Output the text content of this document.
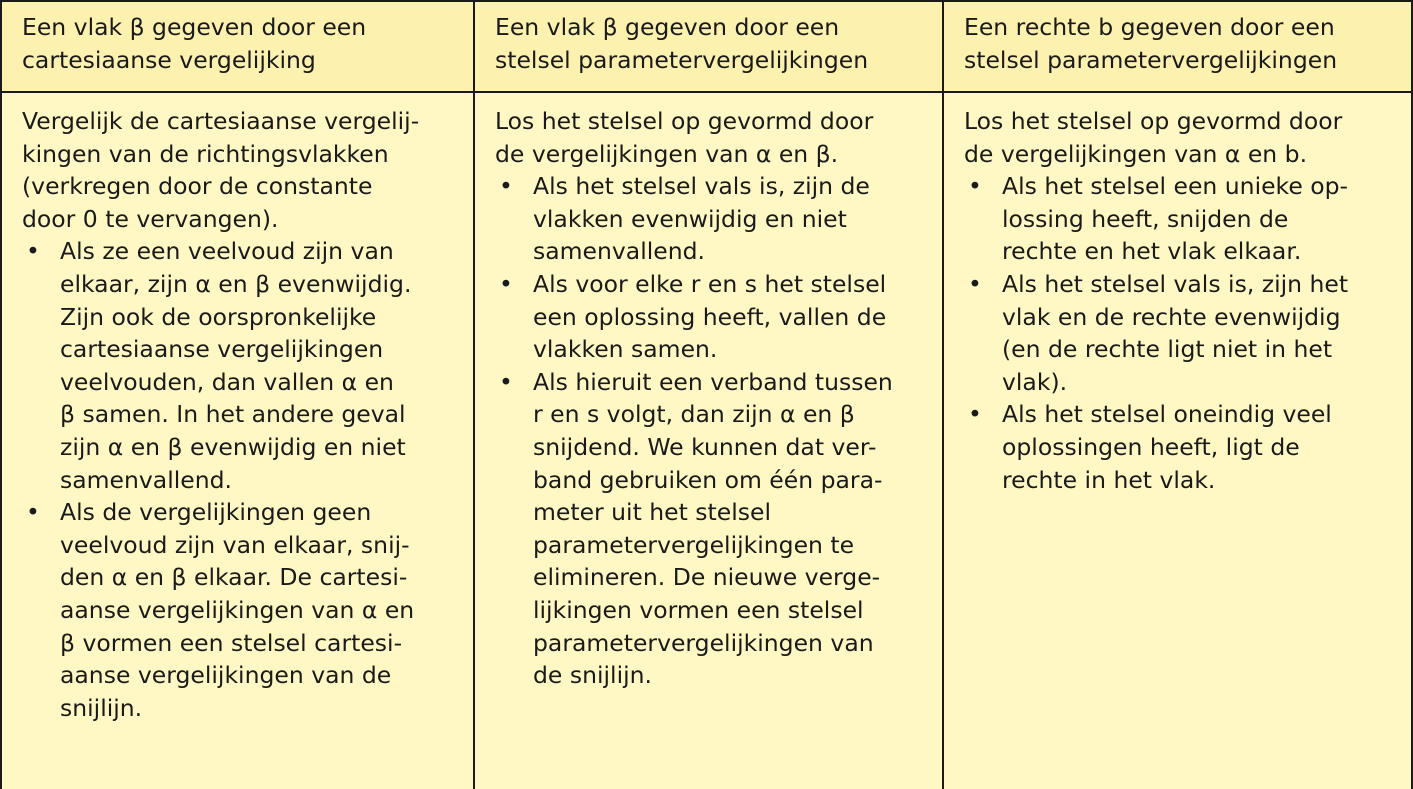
Een vlak β gegeven door een
cartesiaanse vergelijking
Een vlak β gegeven door een
stelsel parametervergelijkingen
Een rechte b gegeven door een
stelsel parametervergelijkingen
Vergelijk de cartesiaanse vergelij-
kingen van de richtingsvlakken
(verkregen door de constante
door 0 te vervangen).
• Als ze een veelvoud zijn van
elkaar, zijn α en β evenwijdig.
Zijn ook de oorspronkelijke
cartesiaanse vergelijkingen
veelvouden, dan vallen α en
β samen. In het andere geval
zijn α en β evenwijdig en niet
samenvallend.
• Als de vergelijkingen geen
veelvoud zijn van elkaar, snij-
den α en β elkaar. De cartesi-
aanse vergelijkingen van α en
β vormen een stelsel cartesi-
aanse vergelijkingen van de
snijlijn.
Los het stelsel op gevormd door
de vergelijkingen van α en β.
• Als het stelsel vals is, zijn de
vlakken evenwijdig en niet
samenvallend.
• Als voor elke r en s het stelsel
een oplossing heeft, vallen de
vlakken samen.
• Als hieruit een verband tussen
r en s volgt, dan zijn α en β
snijdend. We kunnen dat ver-
band gebruiken om één para-
meter uit het stelsel
parametervergelijkingen te
elimineren. De nieuwe verge-
lijkingen vormen een stelsel
parametervergelijkingen van
de snijlijn.
Los het stelsel op gevormd door
de vergelijkingen van α en b.
• Als het stelsel een unieke op-
lossing heeft, snijden de
rechte en het vlak elkaar.
• Als het stelsel vals is, zijn het
vlak en de rechte evenwijdig
(en de rechte ligt niet in het
vlak).
• Als het stelsel oneindig veel
oplossingen heeft, ligt de
rechte in het vlak.
